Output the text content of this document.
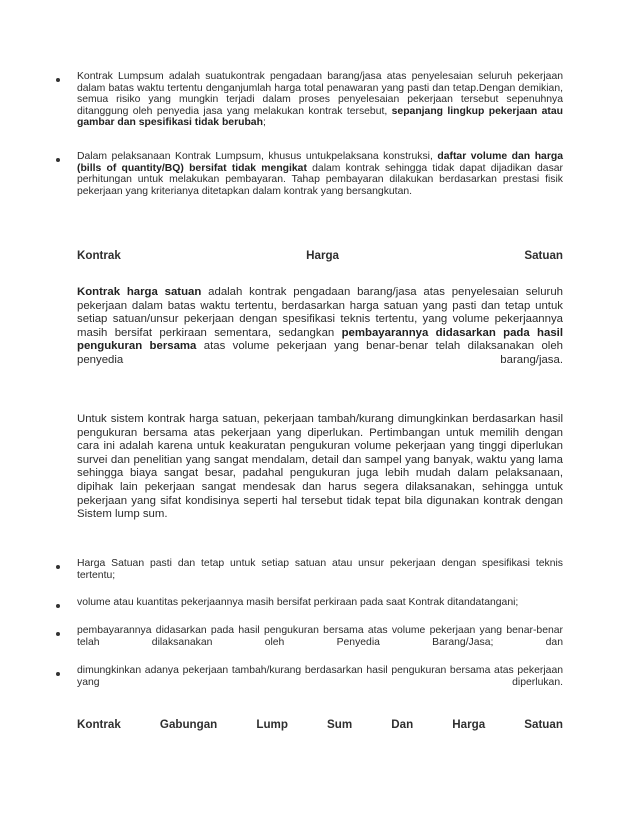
Kontrak Lumpsum adalah suatukontrak pengadaan barang/jasa atas penyelesaian seluruh pekerjaan dalam batas waktu tertentu denganjumlah harga total penawaran yang pasti dan tetap.Dengan demikian, semua risiko yang mungkin terjadi dalam proses penyelesaian pekerjaan tersebut sepenuhnya ditanggung oleh penyedia jasa yang melakukan kontrak tersebut, sepanjang lingkup pekerjaan atau gambar dan spesifikasi tidak berubah;
Dalam pelaksanaan Kontrak Lumpsum, khusus untukpelaksana konstruksi, daftar volume dan harga (bills of quantity/BQ) bersifat tidak mengikat dalam kontrak sehingga tidak dapat dijadikan dasar perhitungan untuk melakukan pembayaran. Tahap pembayaran dilakukan berdasarkan prestasi fisik pekerjaan yang kriterianya ditetapkan dalam kontrak yang bersangkutan.
Kontrak	Harga	Satuan
Kontrak harga satuan adalah kontrak pengadaan barang/jasa atas penyelesaian seluruh pekerjaan dalam batas waktu tertentu, berdasarkan harga satuan yang pasti dan tetap untuk setiap satuan/unsur pekerjaan dengan spesifikasi teknis tertentu, yang volume pekerjaannya masih bersifat perkiraan sementara, sedangkan pembayarannya didasarkan pada hasil pengukuran bersama atas volume pekerjaan yang benar-benar telah dilaksanakan oleh penyedia barang/jasa.
Untuk sistem kontrak harga satuan, pekerjaan tambah/kurang dimungkinkan berdasarkan hasil pengukuran bersama atas pekerjaan yang diperlukan. Pertimbangan untuk memilih dengan cara ini adalah karena untuk keakuratan pengukuran volume pekerjaan yang tinggi diperlukan survei dan penelitian yang sangat mendalam, detail dan sampel yang banyak, waktu yang lama sehingga biaya sangat besar, padahal pengukuran juga lebih mudah dalam pelaksanaan, dipihak lain pekerjaan sangat mendesak dan harus segera dilaksanakan, sehingga untuk pekerjaan yang sifat kondisinya seperti hal tersebut tidak tepat bila digunakan kontrak dengan Sistem lump sum.
Harga Satuan pasti dan tetap untuk setiap satuan atau unsur pekerjaan dengan spesifikasi teknis tertentu;
volume atau kuantitas pekerjaannya masih bersifat perkiraan pada saat Kontrak ditandatangani;
pembayarannya didasarkan pada hasil pengukuran bersama atas volume pekerjaan yang benar-benar telah dilaksanakan oleh Penyedia Barang/Jasa; dan
dimungkinkan adanya pekerjaan tambah/kurang berdasarkan hasil pengukuran bersama atas pekerjaan yang diperlukan.
Kontrak	Gabungan	Lump	Sum	Dan	Harga	Satuan
